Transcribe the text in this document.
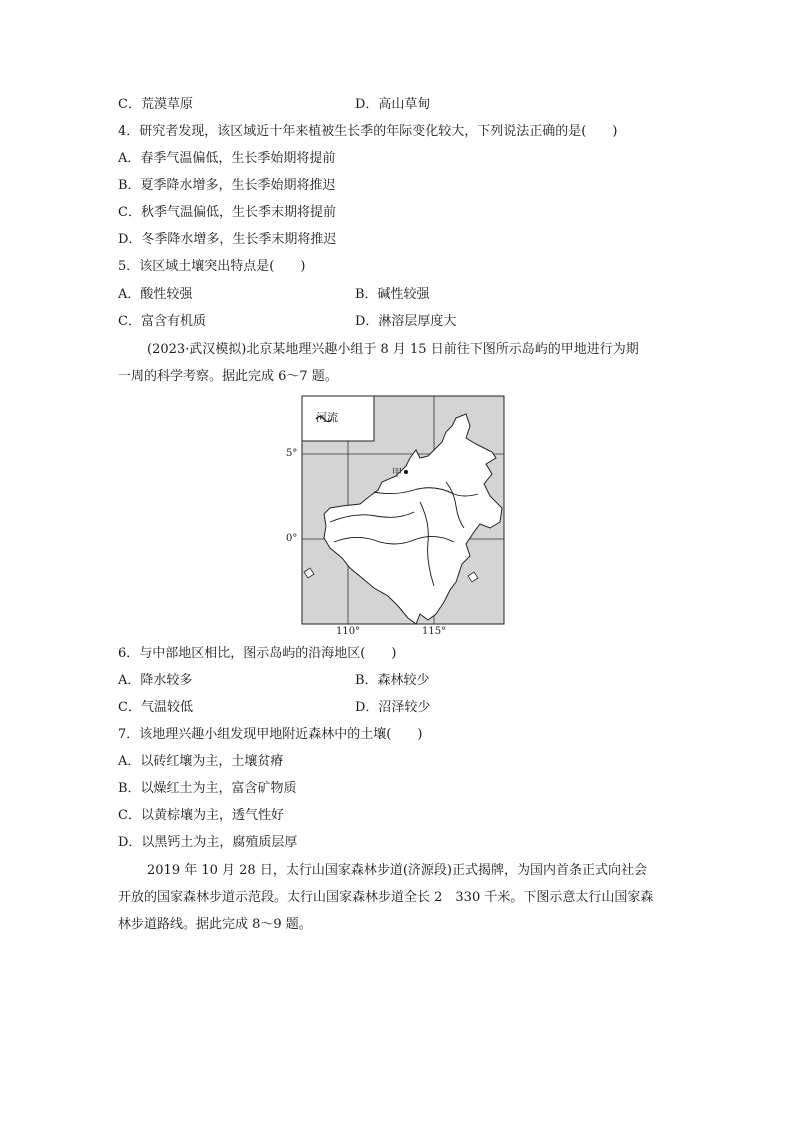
C．荒漠草原	D．高山草甸
4．研究者发现，该区域近十年来植被生长季的年际变化较大，下列说法正确的是(　　)
A．春季气温偏低，生长季始期将提前
B．夏季降水增多，生长季始期将推迟
C．秋季气温偏低，生长季末期将提前
D．冬季降水增多，生长季末期将推迟
5．该区域土壤突出特点是(　　)
A．酸性较强	B．碱性较强
C．富含有机质	D．淋溶层厚度大
(2023·武汉模拟)北京某地理兴趣小组于 8 月 15 日前往下图所示岛屿的甲地进行为期
一周的科学考察。据此完成 6～7 题。
河流
5°
0°
110°	115°
甲
6．与中部地区相比，图示岛屿的沿海地区(　　)
A．降水较多	B．森林较少
C．气温较低	D．沼泽较少
7．该地理兴趣小组发现甲地附近森林中的土壤(　　)
A．以砖红壤为主，土壤贫瘠
B．以燥红土为主，富含矿物质
C．以黄棕壤为主，透气性好
D．以黑钙土为主，腐殖质层厚
2019 年 10 月 28 日，太行山国家森林步道(济源段)正式揭牌，为国内首条正式向社会
开放的国家森林步道示范段。太行山国家森林步道全长 2　330 千米。下图示意太行山国家森
林步道路线。据此完成 8～9 题。
